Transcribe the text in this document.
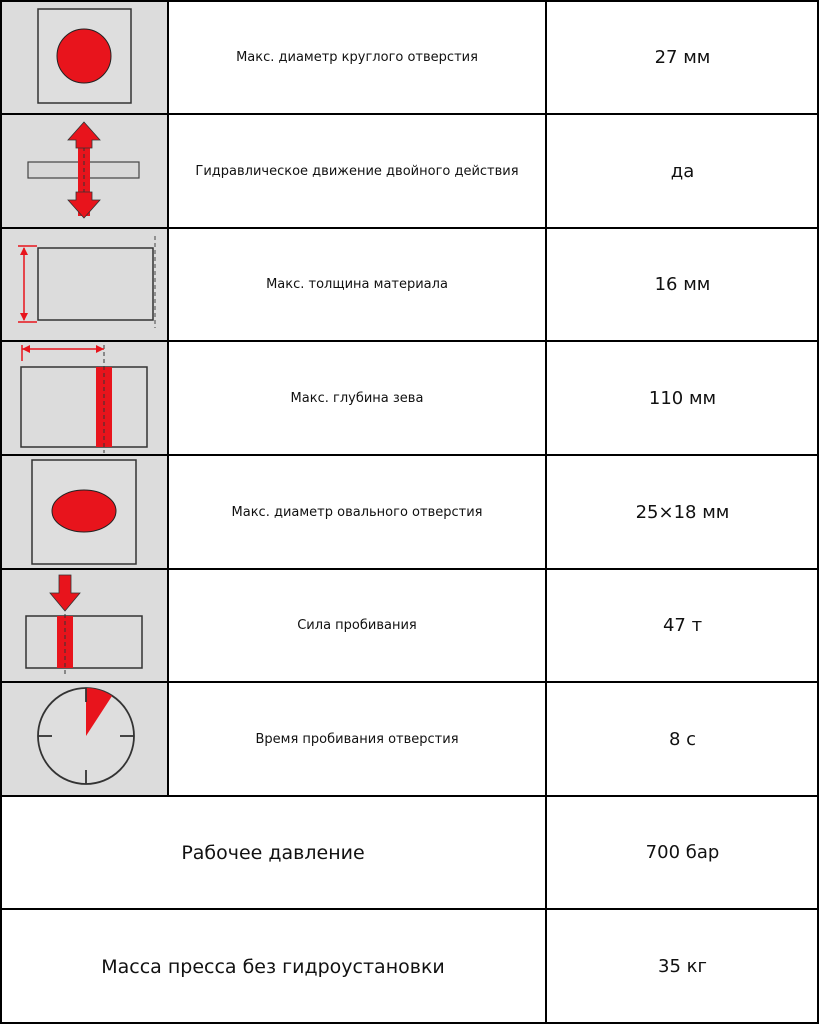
Макс. диаметр круглого отверстия	27 мм
Гидравлическое движение двойного действия	да
Макс. толщина материала	16 мм
Макс. глубина зева	110 мм
Макс. диаметр овального отверстия	25×18 мм
Сила пробивания	47 т
Время пробивания отверстия	8 с
Рабочее давление	700 бар
Масса пресса без гидроустановки	35 кг
